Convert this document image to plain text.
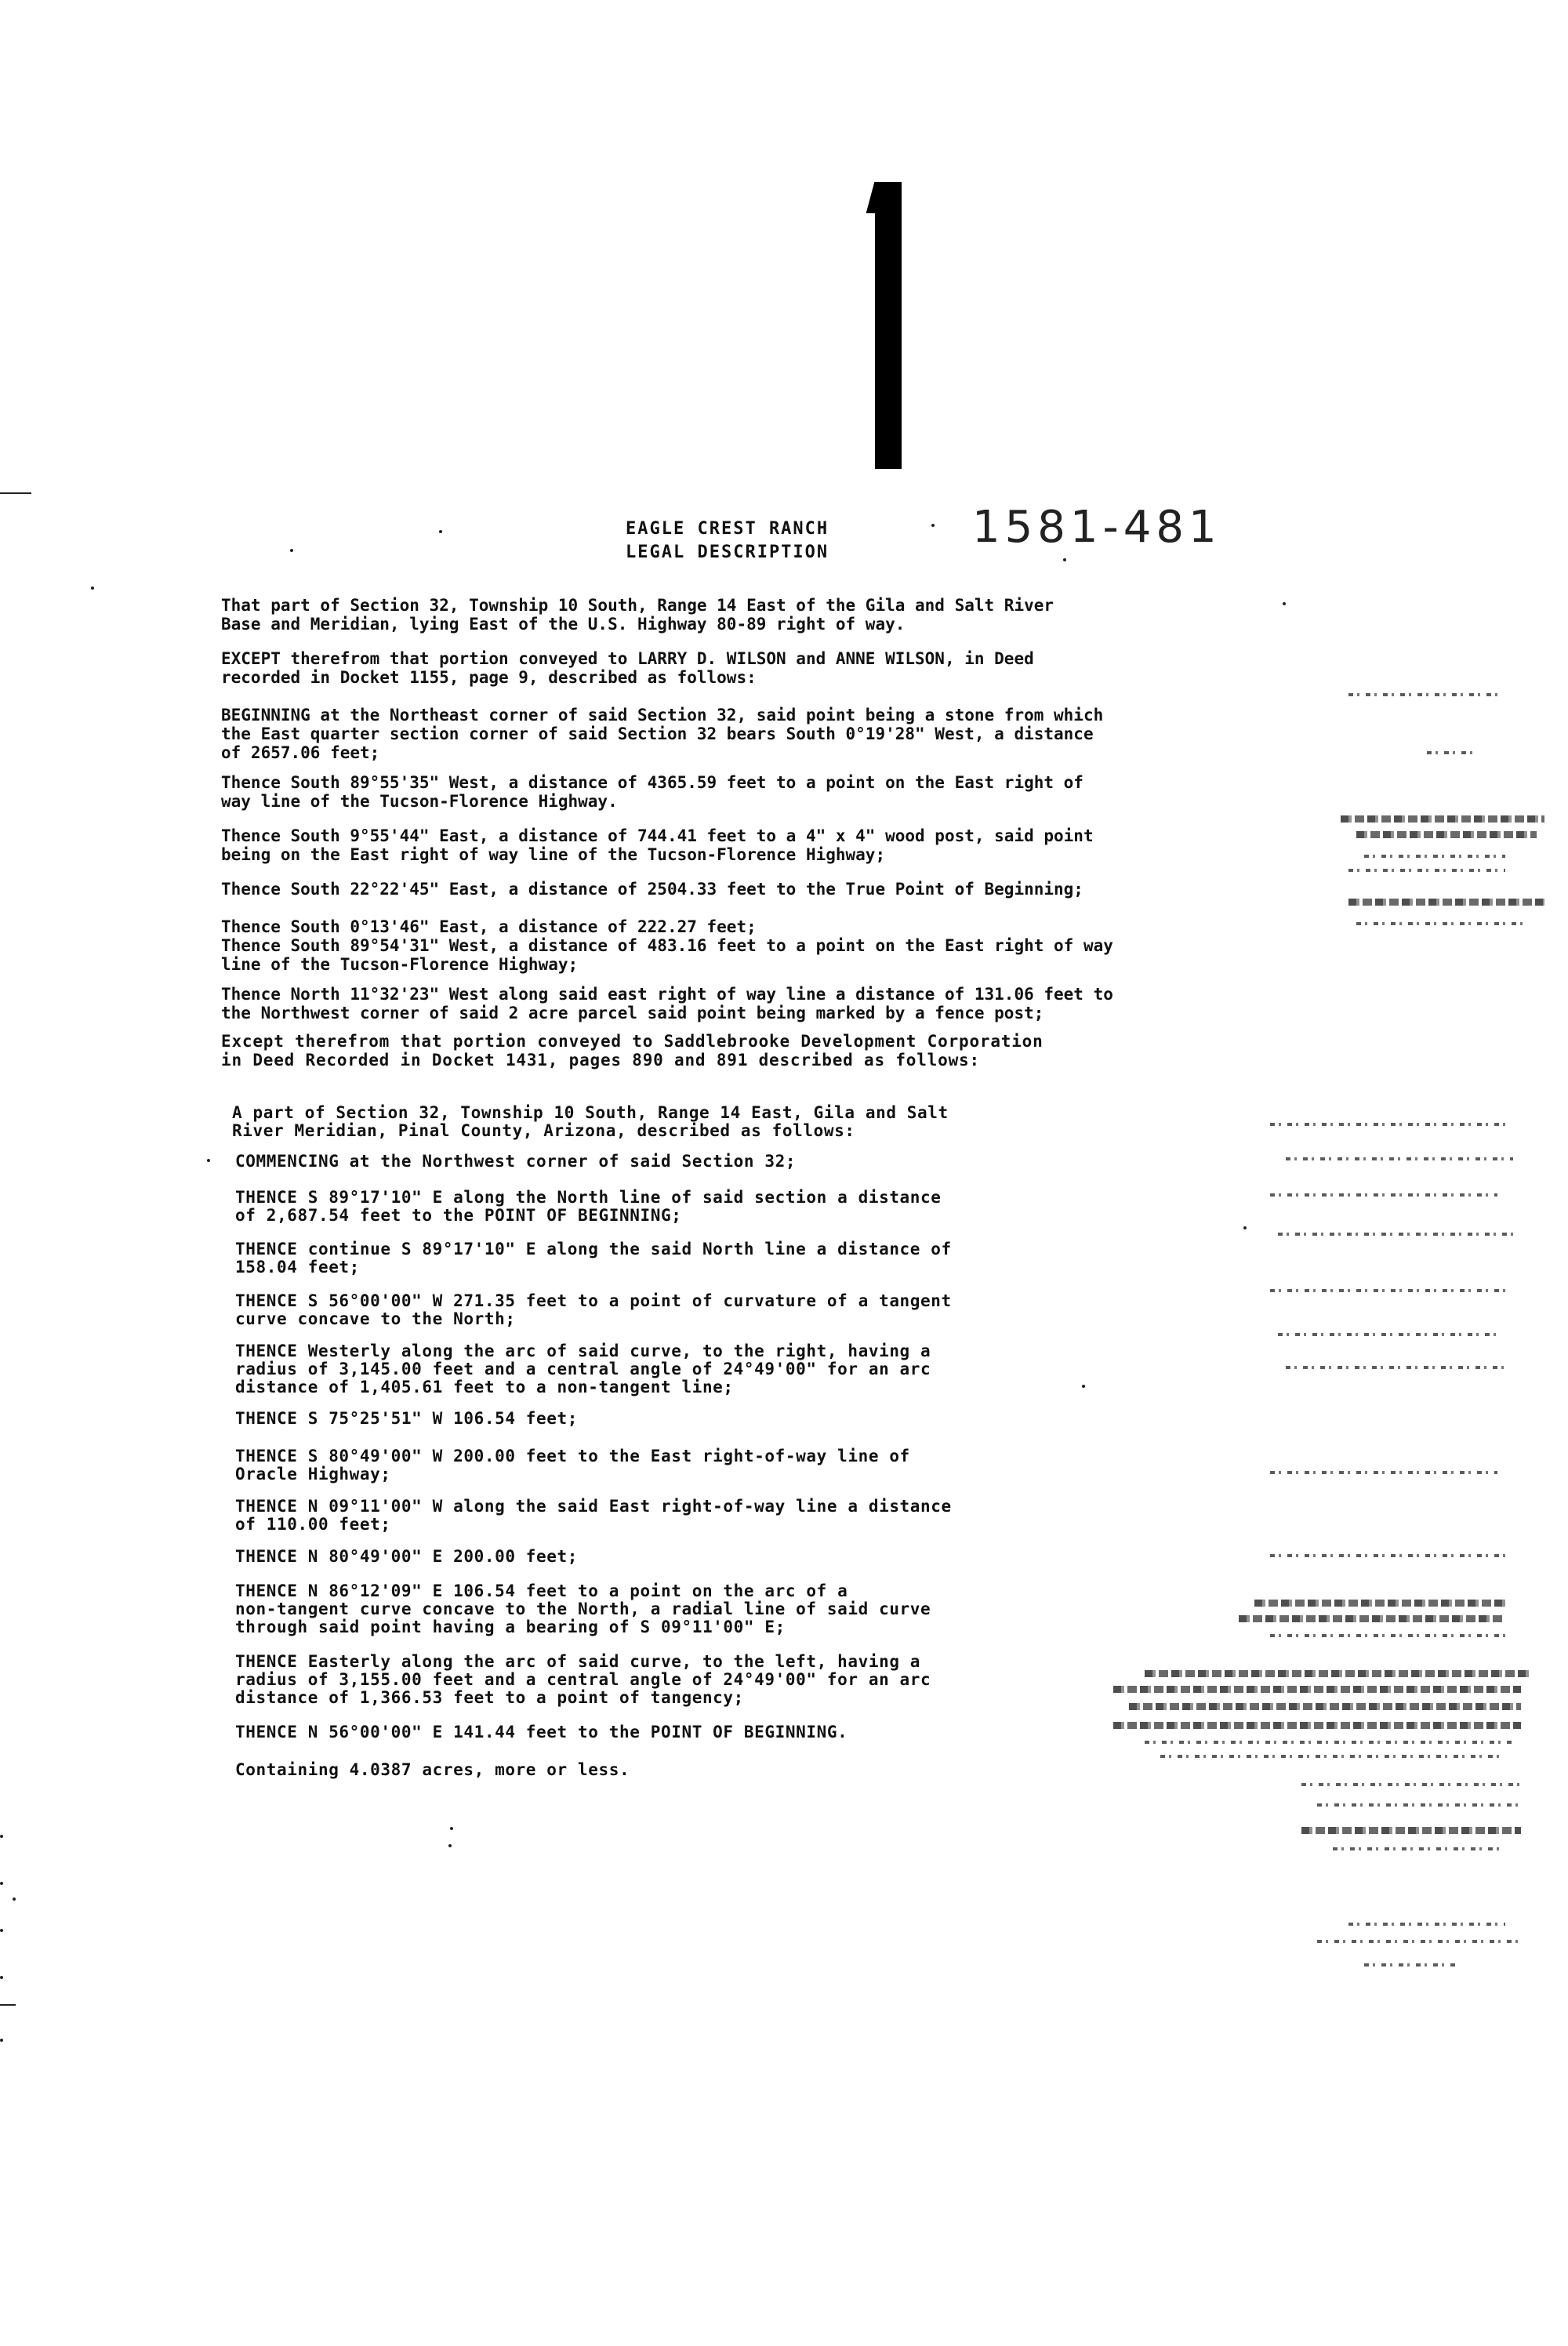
EAGLE CREST RANCH
LEGAL DESCRIPTION	1581-481
That part of Section 32, Township 10 South, Range 14 East of the Gila and Salt River
Base and Meridian, lying East of the U.S. Highway 80-89 right of way.
EXCEPT therefrom that portion conveyed to LARRY D. WILSON and ANNE WILSON, in Deed
recorded in Docket 1155, page 9, described as follows:
BEGINNING at the Northeast corner of said Section 32, said point being a stone from which
the East quarter section corner of said Section 32 bears South 0°19'28" West, a distance
of 2657.06 feet;
Thence South 89°55'35" West, a distance of 4365.59 feet to a point on the East right of
way line of the Tucson-Florence Highway.
Thence South 9°55'44" East, a distance of 744.41 feet to a 4" x 4" wood post, said point
being on the East right of way line of the Tucson-Florence Highway;
Thence South 22°22'45" East, a distance of 2504.33 feet to the True Point of Beginning;
Thence South 0°13'46" East, a distance of 222.27 feet;
Thence South 89°54'31" West, a distance of 483.16 feet to a point on the East right of way
line of the Tucson-Florence Highway;
Thence North 11°32'23" West along said east right of way line a distance of 131.06 feet to
the Northwest corner of said 2 acre parcel said point being marked by a fence post;
Except therefrom that portion conveyed to Saddlebrooke Development Corporation
in Deed Recorded in Docket 1431, pages 890 and 891 described as follows:
A part of Section 32, Township 10 South, Range 14 East, Gila and Salt
River Meridian, Pinal County, Arizona, described as follows:
COMMENCING at the Northwest corner of said Section 32;
THENCE S 89°17'10" E along the North line of said section a distance
of 2,687.54 feet to the POINT OF BEGINNING;
THENCE continue S 89°17'10" E along the said North line a distance of
158.04 feet;
THENCE S 56°00'00" W 271.35 feet to a point of curvature of a tangent
curve concave to the North;
THENCE Westerly along the arc of said curve, to the right, having a
radius of 3,145.00 feet and a central angle of 24°49'00" for an arc
distance of 1,405.61 feet to a non-tangent line;
THENCE S 75°25'51" W 106.54 feet;
THENCE S 80°49'00" W 200.00 feet to the East right-of-way line of
Oracle Highway;
THENCE N 09°11'00" W along the said East right-of-way line a distance
of 110.00 feet;
THENCE N 80°49'00" E 200.00 feet;
THENCE N 86°12'09" E 106.54 feet to a point on the arc of a
non-tangent curve concave to the North, a radial line of said curve
through said point having a bearing of S 09°11'00" E;
THENCE Easterly along the arc of said curve, to the left, having a
radius of 3,155.00 feet and a central angle of 24°49'00" for an arc
distance of 1,366.53 feet to a point of tangency;
THENCE N 56°00'00" E 141.44 feet to the POINT OF BEGINNING.
Containing 4.0387 acres, more or less.
